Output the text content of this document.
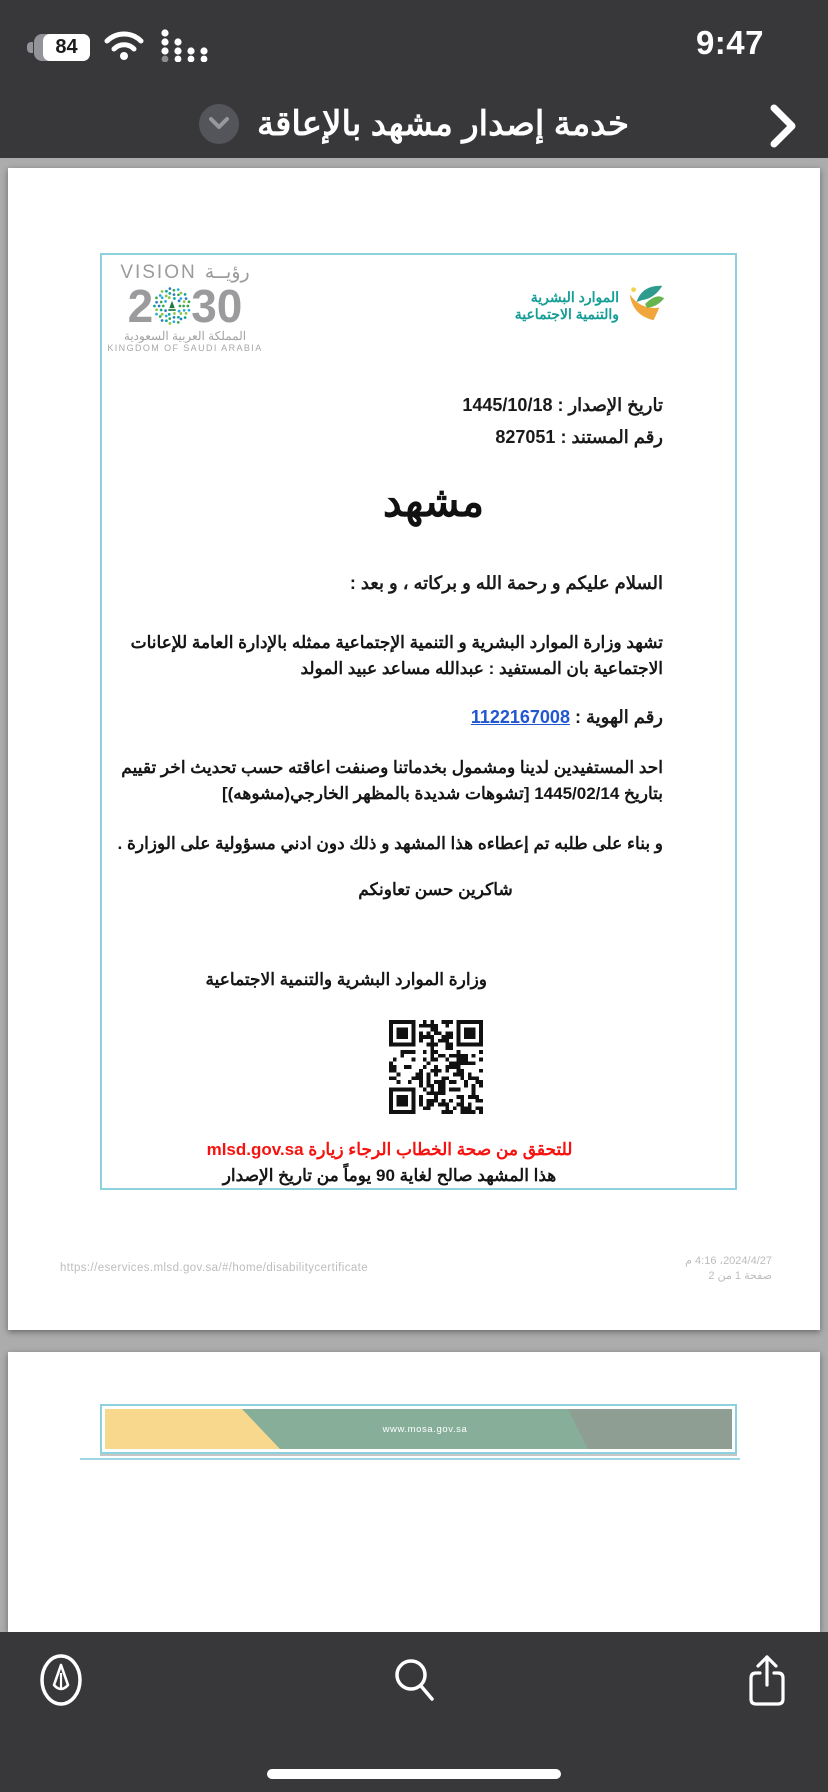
84	9:47
خدمة إصدار مشهد بالإعاقة
VISION رؤيــة
2 30
المملكة العربية السعودية
KINGDOM OF SAUDI ARABIA
الموارد البشرية
والتنمية الاجتماعية
تاريخ الإصدار : 1445/10/18
رقم المستند : 827051
مشهد
السلام عليكم و رحمة الله و بركاته ، و بعد :
تشهد وزارة الموارد البشرية و التنمية الإجتماعية ممثله بالإدارة العامة للإعانات الاجتماعية بان المستفيد : عبدالله مساعد عبيد المولد
رقم الهوية : 1122167008
احد المستفيدين لدينا ومشمول بخدماتنا وصنفت اعاقته حسب تحديث اخر تقييم بتاريخ 1445/02/14 [تشوهات شديدة بالمظهر الخارجي(مشوهه)]
و بناء على طلبه تم إعطاءه هذا المشهد و ذلك دون ادني مسؤولية على الوزارة .
شاكرين حسن تعاونكم
وزارة الموارد البشرية والتنمية الاجتماعية
للتحقق من صحة الخطاب الرجاء زيارة mlsd.gov.sa
هذا المشهد صالح لغاية 90 يوماً من تاريخ الإصدار
https://eservices.mlsd.gov.sa/#/home/disabilitycertificate
2024/4/27، 4:16 م
صفحة 1 من 2
www.mosa.gov.sa
